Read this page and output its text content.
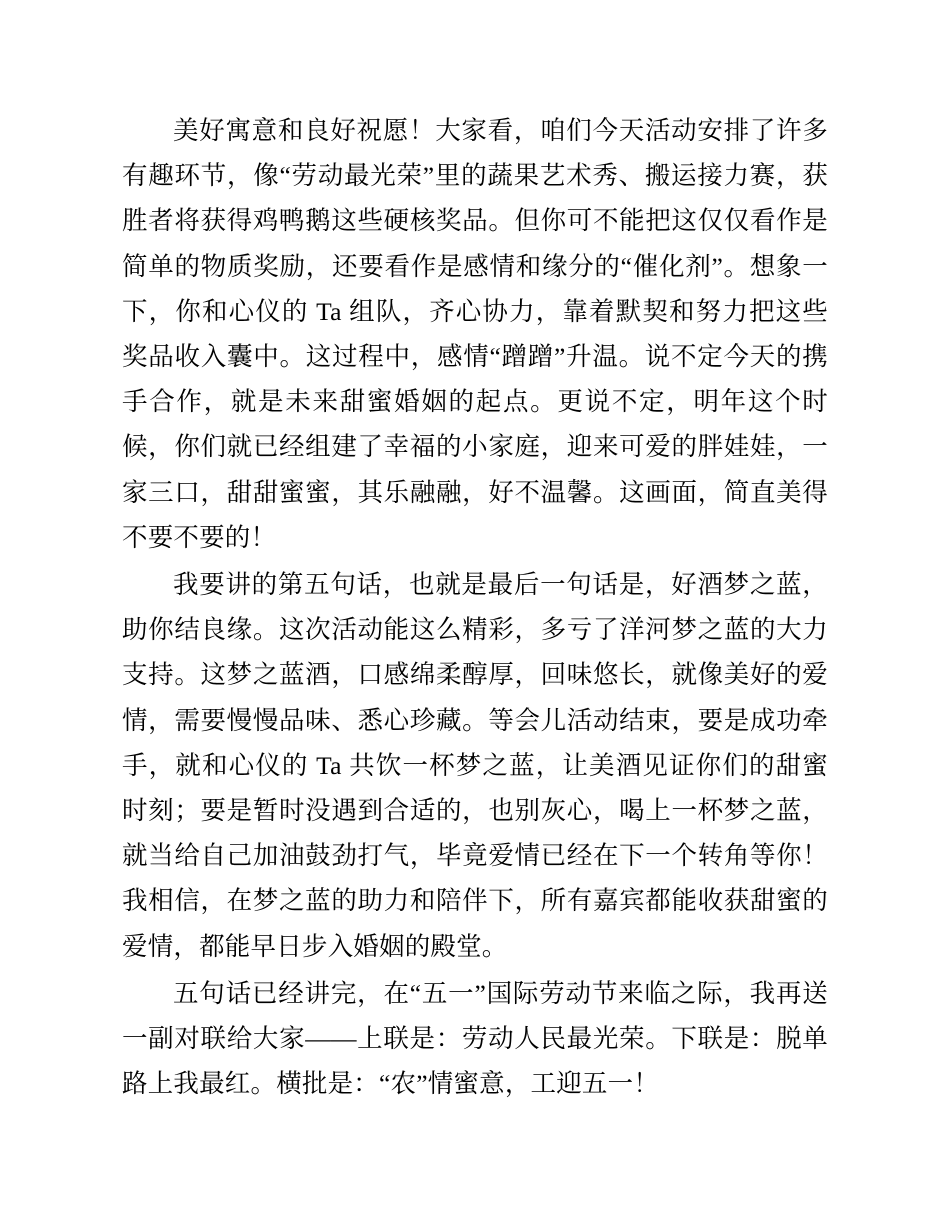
美好寓意和良好祝愿！大家看，咱们今天活动安排了许多有趣环节，像“劳动最光荣”里的蔬果艺术秀、搬运接力赛，获胜者将获得鸡鸭鹅这些硬核奖品。但你可不能把这仅仅看作是简单的物质奖励，还要看作是感情和缘分的“催化剂”。想象一下，你和心仪的 Ta 组队，齐心协力，靠着默契和努力把这些奖品收入囊中。这过程中，感情“蹭蹭”升温。说不定今天的携手合作，就是未来甜蜜婚姻的起点。更说不定，明年这个时候，你们就已经组建了幸福的小家庭，迎来可爱的胖娃娃，一家三口，甜甜蜜蜜，其乐融融，好不温馨。这画面，简直美得不要不要的！

我要讲的第五句话，也就是最后一句话是，好酒梦之蓝，助你结良缘。这次活动能这么精彩，多亏了洋河梦之蓝的大力支持。这梦之蓝酒，口感绵柔醇厚，回味悠长，就像美好的爱情，需要慢慢品味、悉心珍藏。等会儿活动结束，要是成功牵手，就和心仪的 Ta 共饮一杯梦之蓝，让美酒见证你们的甜蜜时刻；要是暂时没遇到合适的，也别灰心，喝上一杯梦之蓝，就当给自己加油鼓劲打气，毕竟爱情已经在下一个转角等你！我相信，在梦之蓝的助力和陪伴下，所有嘉宾都能收获甜蜜的爱情，都能早日步入婚姻的殿堂。

五句话已经讲完，在“五一”国际劳动节来临之际，我再送一副对联给大家——上联是：劳动人民最光荣。下联是：脱单路上我最红。横批是：“农”情蜜意，工迎五一！
